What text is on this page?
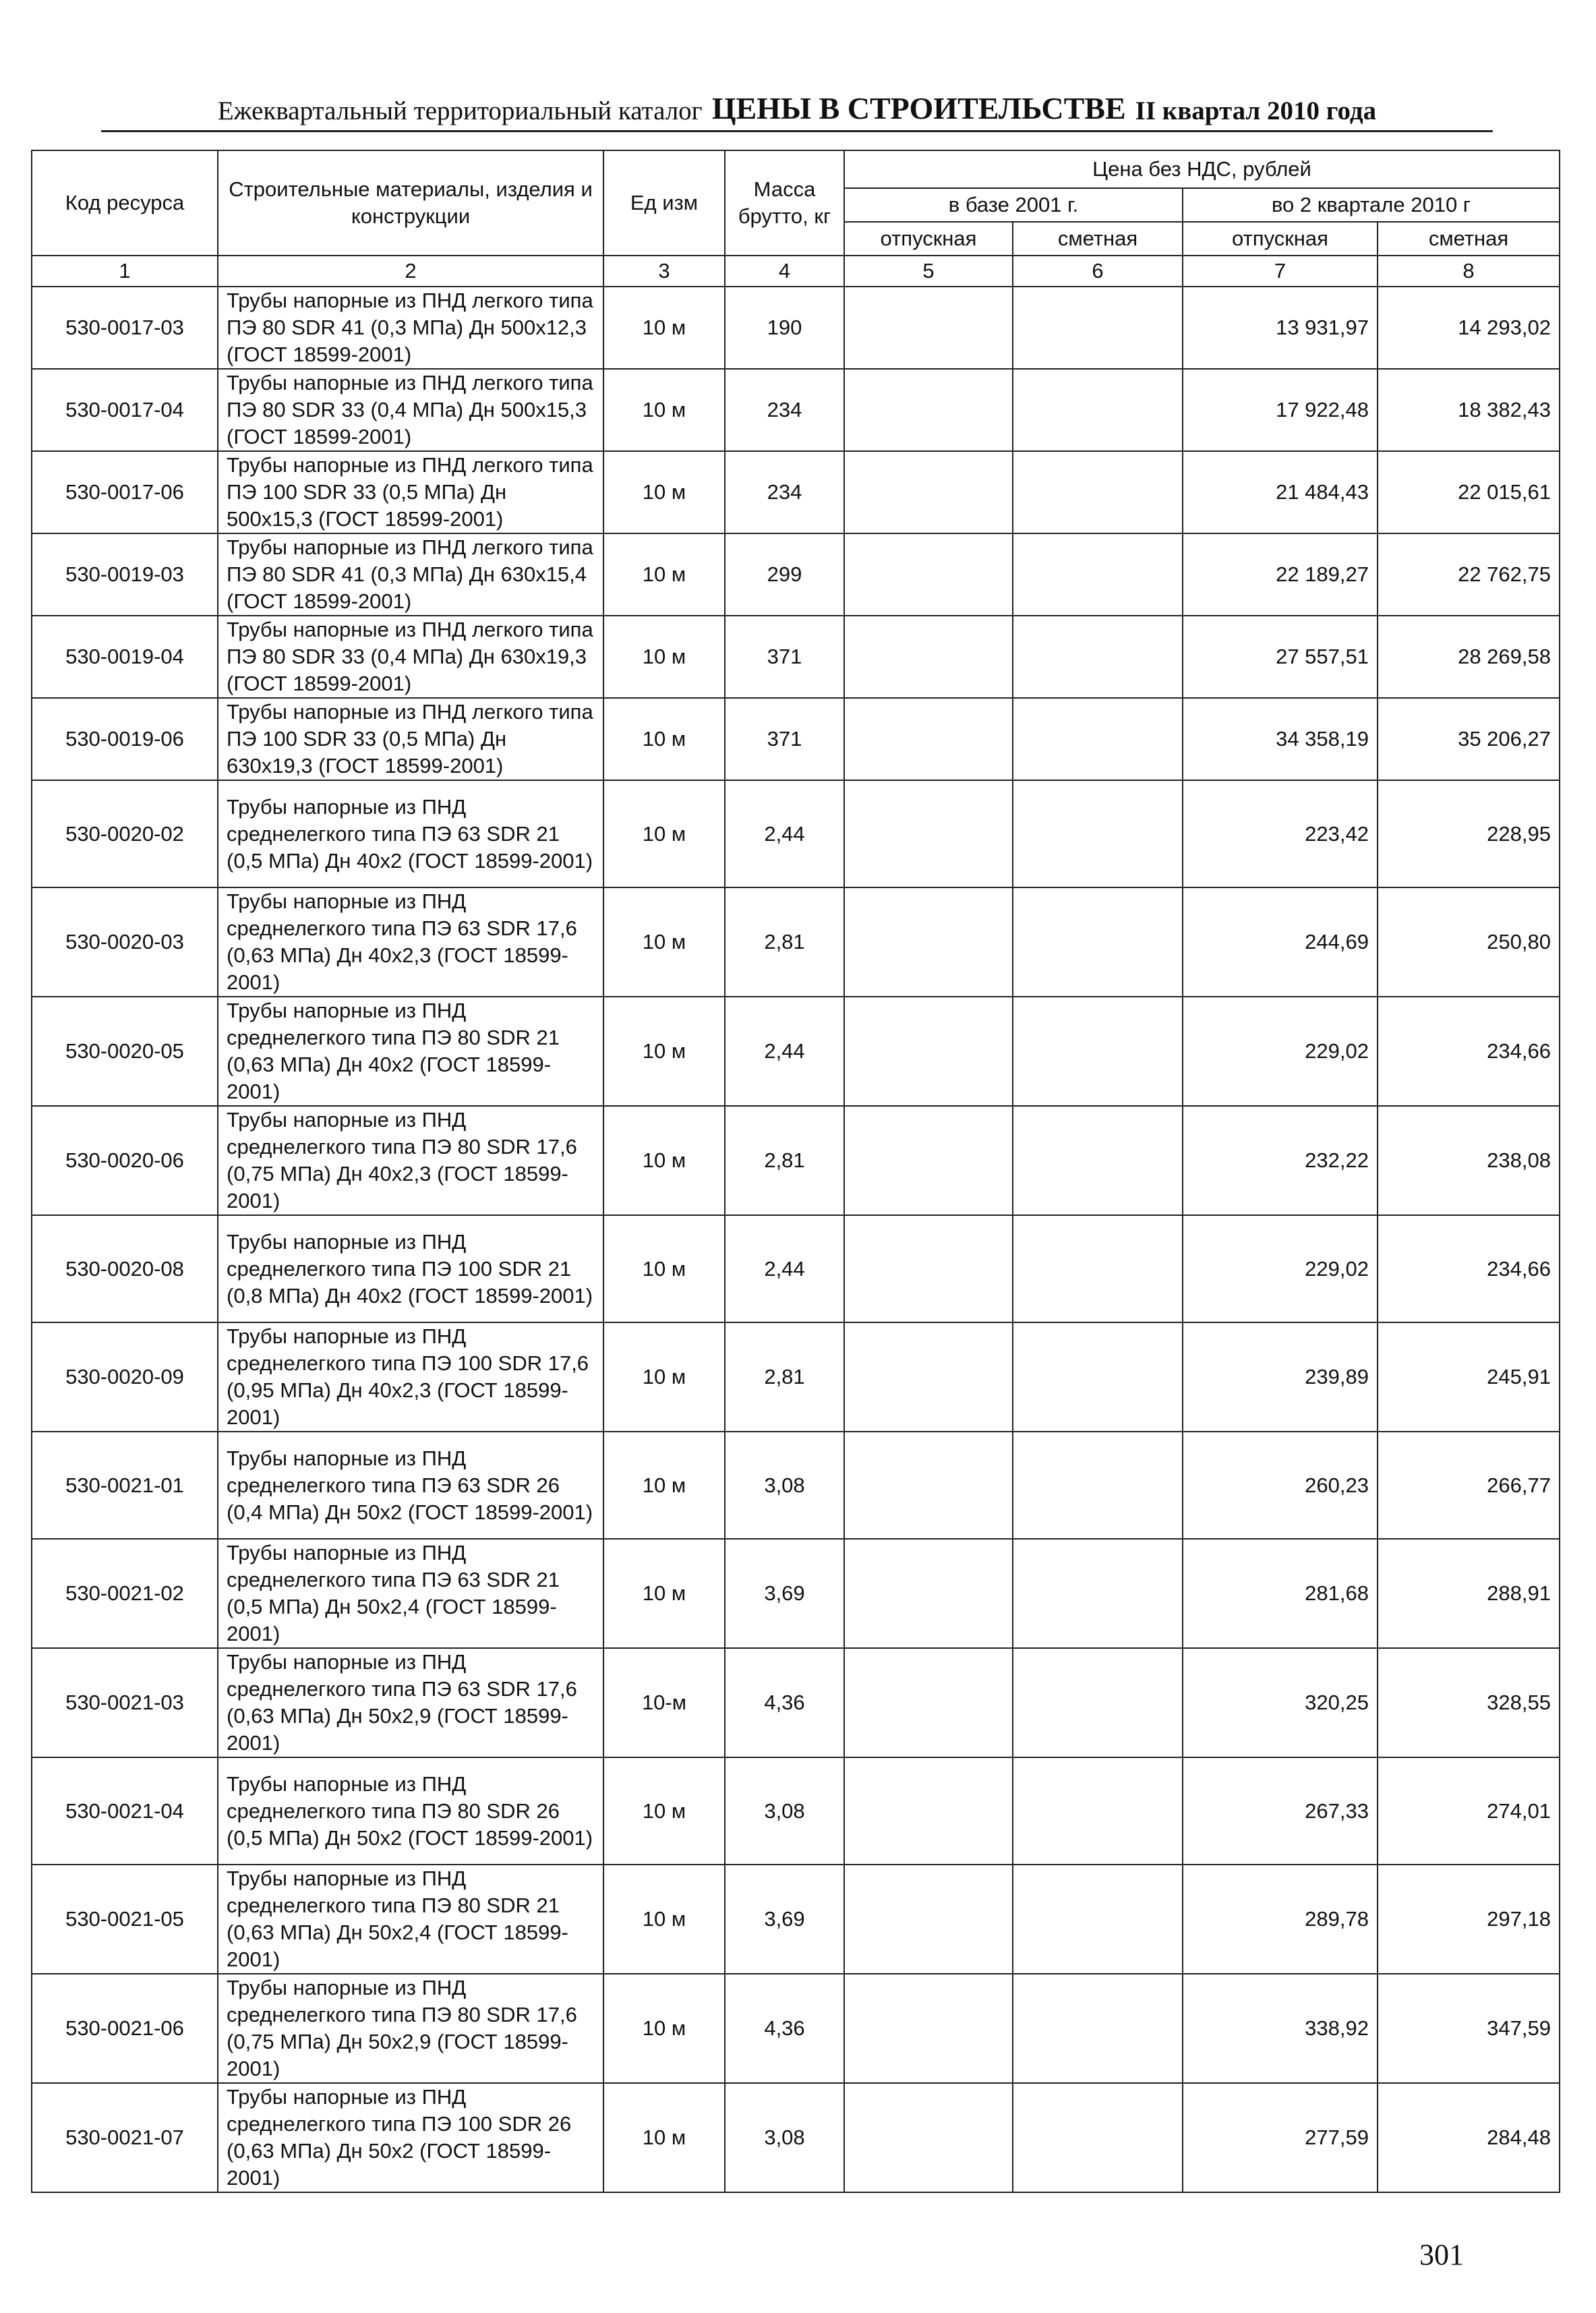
Ежеквартальный территориальный каталог ЦЕНЫ В СТРОИТЕЛЬСТВЕ II квартал 2010 года
Код ресурса	Строительные материалы, изделия и конструкции	Ед изм	Масса брутто, кг	Цена без НДС, рублей			
				в базе 2001 г.		во 2 квартале 2010 г	
				отпускная	сметная	отпускная	сметная
1	2	3	4	5	6	7	8
530-0017-03	Трубы напорные из ПНД легкого типа ПЭ 80 SDR 41 (0,3 МПа) Дн 500х12,3 (ГОСТ 18599-2001)	10 м	190			13 931,97	14 293,02
530-0017-04	Трубы напорные из ПНД легкого типа ПЭ 80 SDR 33 (0,4 МПа) Дн 500х15,3 (ГОСТ 18599-2001)	10 м	234			17 922,48	18 382,43
530-0017-06	Трубы напорные из ПНД легкого типа ПЭ 100 SDR 33 (0,5 МПа) Дн 500х15,3 (ГОСТ 18599-2001)	10 м	234			21 484,43	22 015,61
530-0019-03	Трубы напорные из ПНД легкого типа ПЭ 80 SDR 41 (0,3 МПа) Дн 630х15,4 (ГОСТ 18599-2001)	10 м	299			22 189,27	22 762,75
530-0019-04	Трубы напорные из ПНД легкого типа ПЭ 80 SDR 33 (0,4 МПа) Дн 630х19,3 (ГОСТ 18599-2001)	10 м	371			27 557,51	28 269,58
530-0019-06	Трубы напорные из ПНД легкого типа ПЭ 100 SDR 33 (0,5 МПа) Дн 630х19,3 (ГОСТ 18599-2001)	10 м	371			34 358,19	35 206,27
530-0020-02	Трубы напорные из ПНД среднелегкого типа ПЭ 63 SDR 21 (0,5 МПа) Дн 40х2 (ГОСТ 18599-2001)	10 м	2,44			223,42	228,95
530-0020-03	Трубы напорные из ПНД среднелегкого типа ПЭ 63 SDR 17,6 (0,63 МПа) Дн 40х2,3 (ГОСТ 18599-2001)	10 м	2,81			244,69	250,80
530-0020-05	Трубы напорные из ПНД среднелегкого типа ПЭ 80 SDR 21 (0,63 МПа) Дн 40х2 (ГОСТ 18599-2001)	10 м	2,44			229,02	234,66
530-0020-06	Трубы напорные из ПНД среднелегкого типа ПЭ 80 SDR 17,6 (0,75 МПа) Дн 40х2,3 (ГОСТ 18599-2001)	10 м	2,81			232,22	238,08
530-0020-08	Трубы напорные из ПНД среднелегкого типа ПЭ 100 SDR 21 (0,8 МПа) Дн 40х2 (ГОСТ 18599-2001)	10 м	2,44			229,02	234,66
530-0020-09	Трубы напорные из ПНД среднелегкого типа ПЭ 100 SDR 17,6 (0,95 МПа) Дн 40х2,3 (ГОСТ 18599-2001)	10 м	2,81			239,89	245,91
530-0021-01	Трубы напорные из ПНД среднелегкого типа ПЭ 63 SDR 26 (0,4 МПа) Дн 50х2 (ГОСТ 18599-2001)	10 м	3,08			260,23	266,77
530-0021-02	Трубы напорные из ПНД среднелегкого типа ПЭ 63 SDR 21 (0,5 МПа) Дн 50х2,4 (ГОСТ 18599-2001)	10 м	3,69			281,68	288,91
530-0021-03	Трубы напорные из ПНД среднелегкого типа ПЭ 63 SDR 17,6 (0,63 МПа) Дн 50х2,9 (ГОСТ 18599-2001)	10-м	4,36			320,25	328,55
530-0021-04	Трубы напорные из ПНД среднелегкого типа ПЭ 80 SDR 26 (0,5 МПа) Дн 50х2 (ГОСТ 18599-2001)	10 м	3,08			267,33	274,01
530-0021-05	Трубы напорные из ПНД среднелегкого типа ПЭ 80 SDR 21 (0,63 МПа) Дн 50х2,4 (ГОСТ 18599-2001)	10 м	3,69			289,78	297,18
530-0021-06	Трубы напорные из ПНД среднелегкого типа ПЭ 80 SDR 17,6 (0,75 МПа) Дн 50х2,9 (ГОСТ 18599-2001)	10 м	4,36			338,92	347,59
530-0021-07	Трубы напорные из ПНД среднелегкого типа ПЭ 100 SDR 26 (0,63 МПа) Дн 50х2 (ГОСТ 18599-2001)	10 м	3,08			277,59	284,48
301
